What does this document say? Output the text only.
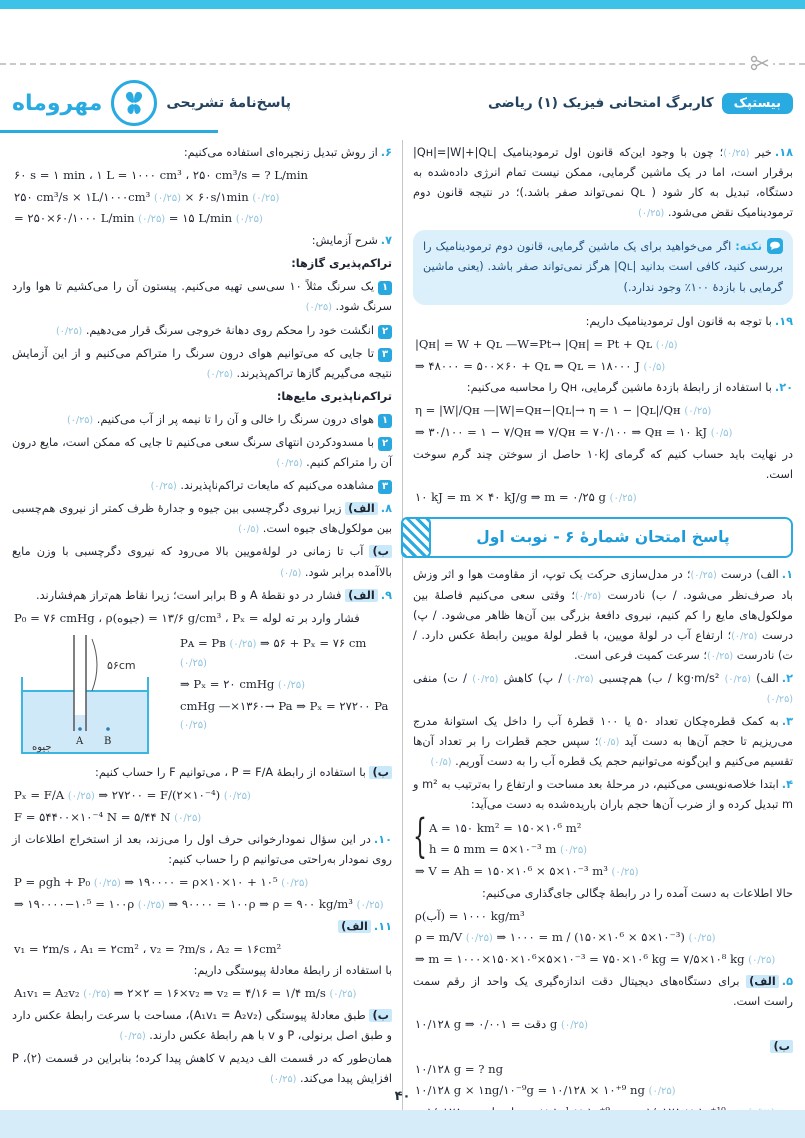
بیستپک
کاربرگ امتحانی فیزیک (۱) ریاضی
پاسخ‌نامهٔ تشریحی
مهروماه

۱۸.خیر (۰/۲۵)؛ چون با وجود این‌که قانون اول ترمودینامیک |Qʜ|=|W|+|Qʟ| برقرار است، اما در یک ماشین گرمایی، ممکن نیست تمام انرژی داده‌شده به دستگاه، تبدیل به کار شود ( Qʟ نمی‌تواند صفر باشد.)؛ در نتیجه قانون دوم ترمودینامیک نقض می‌شود. (۰/۲۵)

نکته: اگر می‌خواهید برای یک ماشین گرمایی، قانون دوم ترمودینامیک را بررسی کنید، کافی است بدانید |Qʟ| هرگز نمی‌تواند صفر باشد. (یعنی ماشین گرمایی با بازدهٔ ۱۰۰٪ وجود ندارد.)

۱۹.با توجه به قانون اول ترمودینامیک داریم:

|Qʜ| = W + Qʟ —W=Pt→ |Qʜ| = Pt + Qʟ (۰/۵)
⇒ ۴۸۰۰۰ = ۵۰۰×۶۰ + Qʟ ⇒ Qʟ = ۱۸۰۰۰ J (۰/۵)

۲۰.با استفاده از رابطهٔ بازدهٔ ماشین گرمایی، Qʜ را محاسبه می‌کنیم:

η = |W|∕Qʜ —|W|=Qʜ−|Qʟ|→ η = ۱ − |Qʟ|∕Qʜ (۰/۲۵)
⇒ ۳۰∕۱۰۰ = ۱ − ۷∕Qʜ ⇒ ۷∕Qʜ = ۷۰∕۱۰۰ ⇒ Qʜ = ۱۰ kJ (۰/۵)

در نهایت باید حساب کنیم که گرمای ۱۰kJ حاصل از سوختن چند گرم سوخت است.

۱۰ kJ = m × ۴۰ kJ/g ⇒ m = ۰/۲۵ g (۰/۲۵)
پاسخ امتحان شمارهٔ ۶ - نوبت اول

۱.الف) درست (۰/۲۵)؛ در مدل‌سازی حرکت یک توپ، از مقاومت هوا و اثر وزش باد صرف‌نظر می‌شود. / ب) نادرست (۰/۲۵)؛ وقتی سعی می‌کنیم فاصلهٔ بین مولکول‌های مایع را کم کنیم، نیروی دافعهٔ بزرگی بین آن‌ها ظاهر می‌شود. / پ) درست (۰/۲۵)؛ ارتفاع آب در لولهٔ مویین، با قطر لولهٔ مویین رابطهٔ عکس دارد. / ت) نادرست (۰/۲۵)؛ سرعت کمیت فرعی است.

۲.الف) kg·m/s² (۰/۲۵) / ب) هم‌چسبی (۰/۲۵) / پ) کاهش (۰/۲۵) / ت) منفی (۰/۲۵)

۳.به کمک قطره‌چکان تعداد ۵۰ یا ۱۰۰ قطرهٔ آب را داخل یک استوانهٔ مدرج می‌ریزیم تا حجم آن‌ها به دست آید (۰/۵)؛ سپس حجم قطرات را بر تعداد آن‌ها تقسیم می‌کنیم و این‌گونه می‌توانیم حجم یک قطره آب را به دست آوریم. (۰/۵)

۴.ابتدا خلاصه‌نویسی می‌کنیم، در مرحلهٔ بعد مساحت و ارتفاع را به‌ترتیب به m² و m تبدیل کرده و از ضرب آن‌ها حجم باران باریده‌شده به دست می‌آید:

{ A = ۱۵۰ km² = ۱۵۰×۱۰⁶ m²
h = ۵ mm = ۵×۱۰⁻³ m (۰/۲۵)
⇒ V = Ah = ۱۵۰×۱۰⁶ × ۵×۱۰⁻³ m³ (۰/۲۵)

حالا اطلاعات به دست آمده را در رابطهٔ چگالی جای‌گذاری می‌کنیم:

ρ(آب) = ۱۰۰۰ kg/m³
ρ = m∕V (۰/۲۵) ⇒ ۱۰۰۰ = m ∕ (۱۵۰×۱۰⁶ × ۵×۱۰⁻³) (۰/۲۵)
⇒ m = ۱۰۰۰×۱۵۰×۱۰⁶×۵×۱۰⁻³ = ۷۵۰×۱۰⁶ kg = ۷/۵×۱۰⁸ kg (۰/۲۵)

۵.الف) برای دستگاه‌های دیجیتال دقت اندازه‌گیری یک واحد از رقم سمت راست است.

۱۰/۱۲۸ g ⇒ دقت = ۰/۰۰۱ g (۰/۲۵)

ب)

۱۰/۱۲۸ g = ? ng
۱۰/۱۲۸ g × ۱ng∕۱۰⁻⁹g = ۱۰/۱۲۸ × ۱۰⁺⁹ ng (۰/۲۵)

۶.از روش تبدیل زنجیره‌ای استفاده می‌کنیم:

۶۰ s = ۱ min ، ۱ L = ۱۰۰۰ cm³ ، ۲۵۰ cm³/s = ? L/min
۲۵۰ cm³∕s × ۱L∕۱۰۰۰cm³ (۰/۲۵) × ۶۰s∕۱min (۰/۲۵)
= ۲۵۰×۶۰∕۱۰۰۰ L∕min (۰/۲۵) = ۱۵ L/min (۰/۲۵)

۷.شرح آزمایش:

تراکم‌پذیری گازها:

۱یک سرنگ مثلاً ۱۰ سی‌سی تهیه می‌کنیم. پیستون آن را می‌کشیم تا هوا وارد سرنگ شود. (۰/۲۵)

۲انگشت خود را محکم روی دهانهٔ خروجی سرنگ قرار می‌دهیم. (۰/۲۵)

۳تا جایی که می‌توانیم هوای درون سرنگ را متراکم می‌کنیم و از این آزمایش نتیجه می‌گیریم گازها تراکم‌پذیرند. (۰/۲۵)

تراکم‌ناپذیری مایع‌ها:

۱هوای درون سرنگ را خالی و آن را تا نیمه پر از آب می‌کنیم. (۰/۲۵)

۲با مسدودکردن انتهای سرنگ سعی می‌کنیم تا جایی که ممکن است، مایع درون آن را متراکم کنیم. (۰/۲۵)

۳مشاهده می‌کنیم که مایعات تراکم‌ناپذیرند. (۰/۲۵)

۸.الف) زیرا نیروی دگرچسبی بین جیوه و جدارهٔ ظرف کمتر از نیروی هم‌چسبی بین مولکول‌های جیوه است. (۰/۵)

ب) آب تا زمانی در لولهٔ‌مویین بالا می‌رود که نیروی دگرچسبی با وزن مایع بالاآمده برابر شود. (۰/۵)

۹.الف) فشار در دو نقطهٔ A و B برابر است؛ زیرا نقاط هم‌تراز هم‌فشارند.

P₀ = ۷۶ cmHg ، ρ(جیوه) = ۱۳/۶ g/cm³ ، Pₓ = فشار وارد بر ته لوله
۵۶cm
A B
جیوه
Pᴀ = Pʙ (۰/۲۵) ⇒ ۵۶ + Pₓ = ۷۶ cm (۰/۲۵)
⇒ Pₓ = ۲۰ cmHg (۰/۲۵)
cmHg —×۱۳۶۰→ Pa ⇒ Pₓ = ۲۷۲۰۰ Pa (۰/۲۵)

ب) با استفاده از رابطهٔ P = F∕A ، می‌توانیم F را حساب کنیم:

Pₓ = F∕A (۰/۲۵) ⇒ ۲۷۲۰۰ = F∕(۲×۱۰⁻⁴) (۰/۲۵)
F = ۵۴۴۰۰×۱۰⁻⁴ N = ۵/۴۴ N (۰/۲۵)

۱۰.در این سؤال نمودارخوانی حرف اول را می‌زند، بعد از استخراج اطلاعات از روی نمودار به‌راحتی می‌توانیم ρ را حساب کنیم:

P = ρgh + P₀ (۰/۲۵) ⇒ ۱۹۰۰۰۰ = ρ×۱۰×۱۰ + ۱۰⁵ (۰/۲۵)
⇒ ۱۹۰۰۰۰−۱۰⁵ = ۱۰۰ρ (۰/۲۵) ⇒ ۹۰۰۰۰ = ۱۰۰ρ ⇒ ρ = ۹۰۰ kg/m³ (۰/۲۵)

۱۱.الف)

v₁ = ۲m/s ، A₁ = ۲cm² ، v₂ = ?m/s ، A₂ = ۱۶cm²

با استفاده از رابطهٔ معادلهٔ پیوستگی داریم:

A₁v₁ = A₂v₂ (۰/۲۵) ⇒ ۲×۲ = ۱۶×v₂ ⇒ v₂ = ۴∕۱۶ = ۱∕۴ m/s (۰/۲۵)

ب) طبق معادلهٔ پیوستگی (A₁v₁ = A₂v₂)، مساحت با سرعت رابطهٔ عکس دارد و طبق اصل برنولی، P و v با هم رابطهٔ عکس دارند. (۰/۲۵)

همان‌طور که در قسمت الف دیدیم v کاهش پیدا کرده؛ بنابراین در قسمت (۲)، P افزایش پیدا می‌کند. (۰/۲۵)

۴۰
